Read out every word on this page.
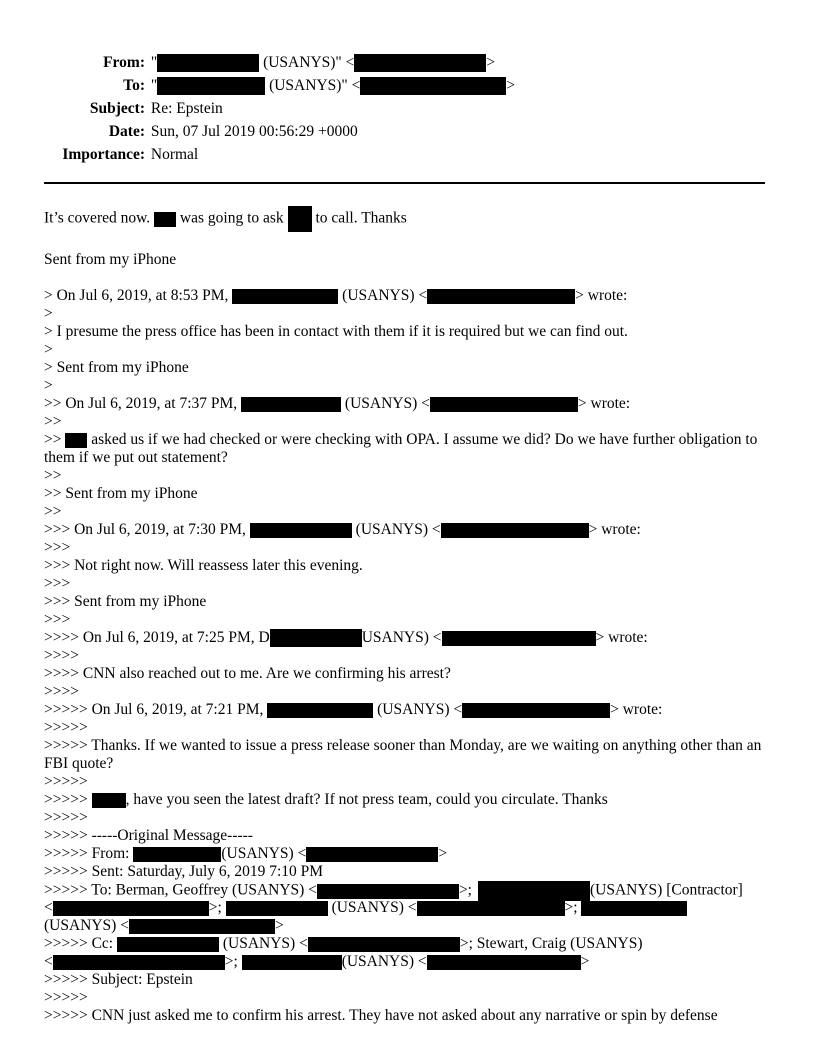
From: "	(USANYS)" <	>
To: "	(USANYS)" <	>
Subject: Re: Epstein
Date: Sun, 07 Jul 2019 00:56:29 +0000
Importance: Normal
It’s covered now.  was going to ask  to call. Thanks
Sent from my iPhone
> On Jul 6, 2019, at 8:53 PM,	(USANYS) <	> wrote:
>
> I presume the press office has been in contact with them if it is required but we can find out.
>
> Sent from my iPhone
>
>> On Jul 6, 2019, at 7:37 PM,	(USANYS) <	> wrote:
>>
>>  asked us if we had checked or were checking with OPA. I assume we did? Do we have further obligation to them if we put out statement?
>>
>> Sent from my iPhone
>>
>>> On Jul 6, 2019, at 7:30 PM,	(USANYS) <	> wrote:
>>>
>>> Not right now. Will reassess later this evening.
>>>
>>> Sent from my iPhone
>>>
>>>> On Jul 6, 2019, at 7:25 PM, D	USANYS) <	> wrote:
>>>>
>>>> CNN also reached out to me. Are we confirming his arrest?
>>>>
>>>>> On Jul 6, 2019, at 7:21 PM,	(USANYS) <	> wrote:
>>>>>
>>>>> Thanks. If we wanted to issue a press release sooner than Monday, are we waiting on anything other than an FBI quote?
>>>>>
>>>>> , have you seen the latest draft? If not press team, could you circulate. Thanks
>>>>>
>>>>> -----Original Message-----
>>>>> From:	(USANYS) <	>
>>>>> Sent: Saturday, July 6, 2019 7:10 PM
>>>>> To: Berman, Geoffrey (USANYS) <	>;	(USANYS) [Contractor]
<	>;	(USANYS) <	>;
(USANYS) <	>
>>>>> Cc:	(USANYS) <	>; Stewart, Craig (USANYS)
<	>;	(USANYS) <	>
>>>>> Subject: Epstein
>>>>>
>>>>> CNN just asked me to confirm his arrest. They have not asked about any narrative or spin by defense
